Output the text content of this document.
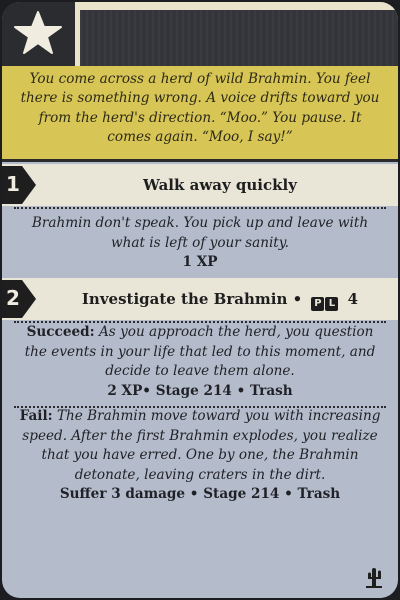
You come across a herd of wild Brahmin. You feel there is something wrong. A voice drifts toward you from the herd's direction. “Moo.” You pause. It comes again. “Moo, I say!”
1	Walk away quickly
Brahmin don't speak. You pick up and leave with what is left of your sanity.
1 XP
2	Investigate the Brahmin • P L 4
Succeed: As you approach the herd, you question the events in your life that led to this moment, and decide to leave them alone.
2 XP• Stage 214 • Trash
Fail: The Brahmin move toward you with increasing speed. After the first Brahmin explodes, you realize that you have erred. One by one, the Brahmin detonate, leaving craters in the dirt.
Suffer 3 damage • Stage 214 • Trash
